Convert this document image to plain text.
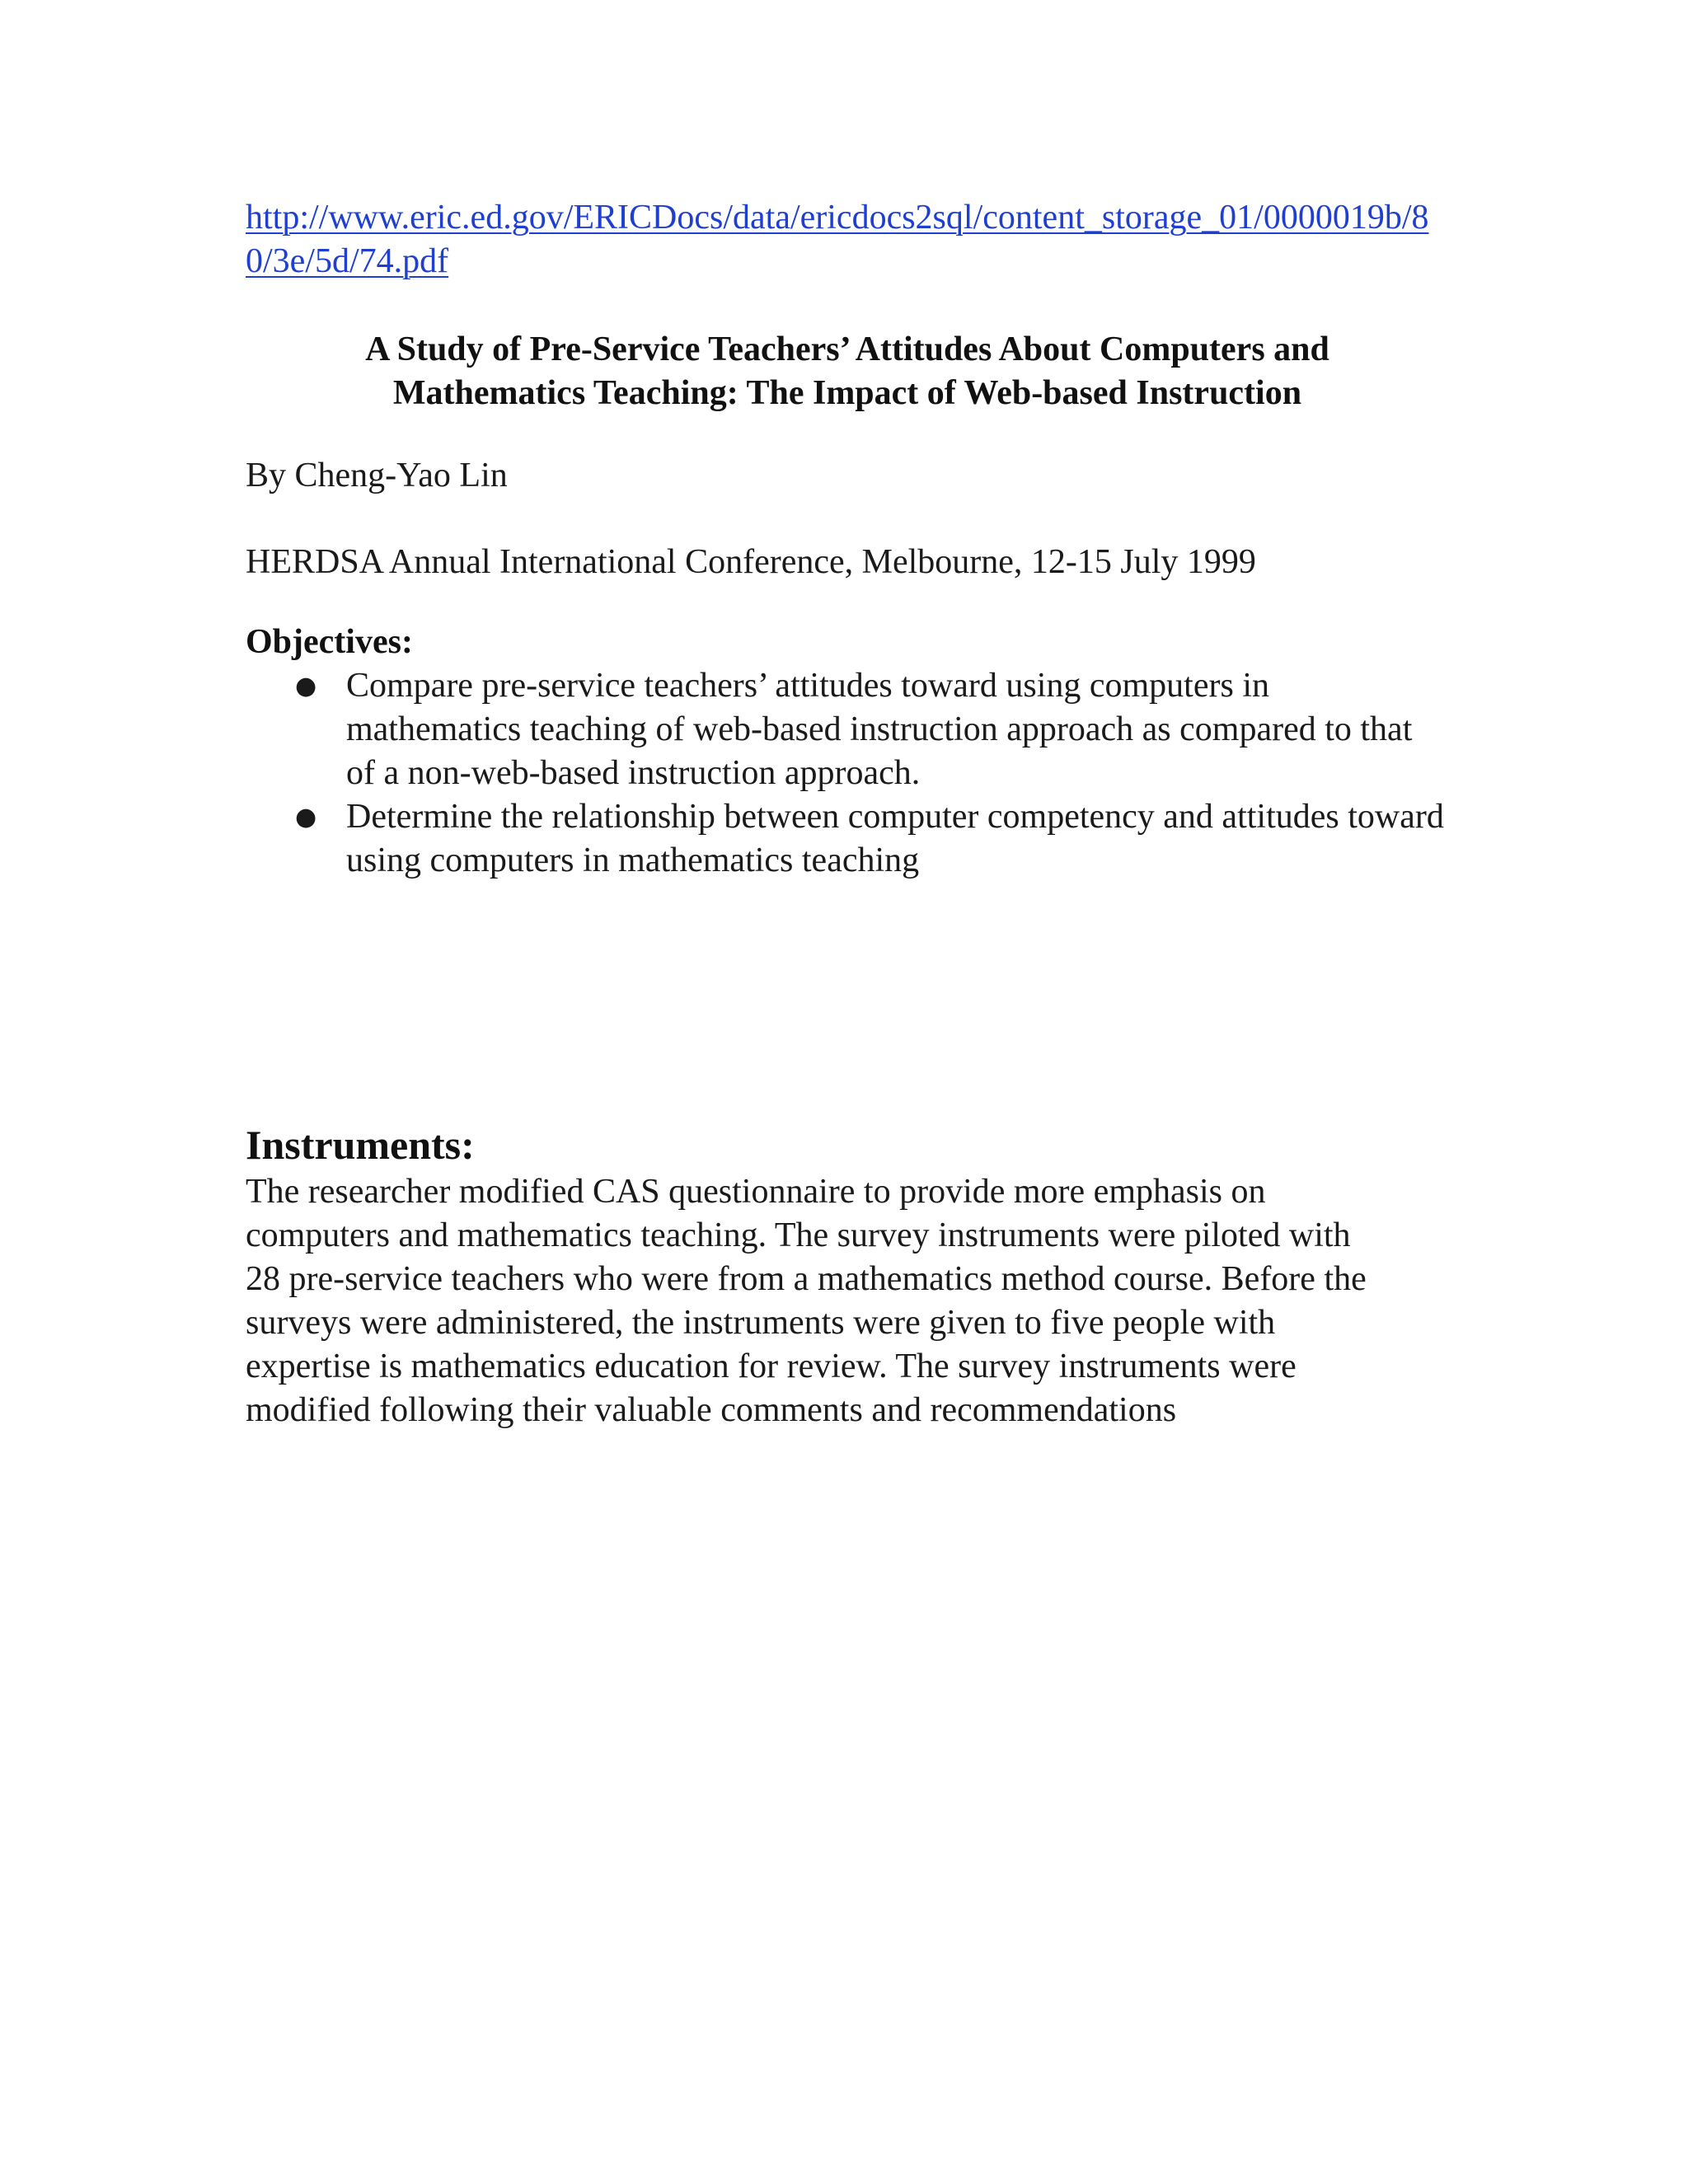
http://www.eric.ed.gov/ERICDocs/data/ericdocs2sql/content_storage_01/0000019b/80/3e/5d/74.pdf
A Study of Pre-Service Teachers’ Attitudes About Computers and
Mathematics Teaching: The Impact of Web-based Instruction
By Cheng-Yao Lin
HERDSA Annual International Conference, Melbourne, 12-15 July 1999
Objectives:
● Compare pre-service teachers’ attitudes toward using computers in mathematics teaching of web-based instruction approach as compared to that of a non-web-based instruction approach.
● Determine the relationship between computer competency and attitudes toward using computers in mathematics teaching
Instruments:

The researcher modified CAS questionnaire to provide more emphasis on computers and mathematics teaching. The survey instruments were piloted with 28 pre-service teachers who were from a mathematics method course. Before the surveys were administered, the instruments were given to five people with expertise is mathematics education for review. The survey instruments were modified following their valuable comments and recommendations
